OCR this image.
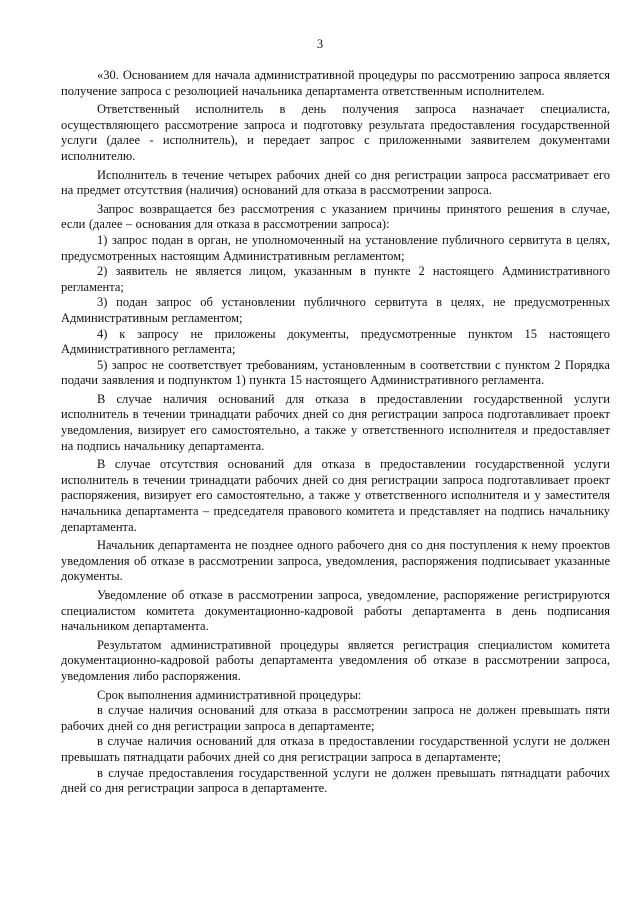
3

«30. Основанием для начала административной процедуры по рассмотрению запроса является получение запроса с резолюцией начальника департамента ответственным исполнителем.

Ответственный исполнитель в день получения запроса назначает специалиста, осуществляющего рассмотрение запроса и подготовку результата предоставления государственной услуги (далее - исполнитель), и передает запрос с приложенными заявителем документами исполнителю.

Исполнитель в течение четырех рабочих дней со дня регистрации запроса рассматривает его на предмет отсутствия (наличия) оснований для отказа в рассмотрении запроса.

Запрос возвращается без рассмотрения с указанием причины принятого решения в случае, если (далее – основания для отказа в рассмотрении запроса):

1) запрос подан в орган, не уполномоченный на установление публичного сервитута в целях, предусмотренных настоящим Административным регламентом;

2) заявитель не является лицом, указанным в пункте 2 настоящего Административного регламента;

3) подан запрос об установлении публичного сервитута в целях, не предусмотренных Административным регламентом;

4) к запросу не приложены документы, предусмотренные пунктом 15 настоящего Административного регламента;

5) запрос не соответствует требованиям, установленным в соответствии с пунктом 2 Порядка подачи заявления и подпунктом 1) пункта 15 настоящего Административного регламента.

В случае наличия оснований для отказа в предоставлении государственной услуги исполнитель в течении тринадцати рабочих дней со дня регистрации запроса подготавливает проект уведомления, визирует его самостоятельно, а также у ответственного исполнителя и предоставляет на подпись начальнику департамента.

В случае отсутствия оснований для отказа в предоставлении государственной услуги исполнитель в течении тринадцати рабочих дней со дня регистрации запроса подготавливает проект распоряжения, визирует его самостоятельно, а также у ответственного исполнителя и у заместителя начальника департамента – председателя правового комитета и представляет на подпись начальнику департамента.

Начальник департамента не позднее одного рабочего дня со дня поступления к нему проектов уведомления об отказе в рассмотрении запроса, уведомления, распоряжения подписывает указанные документы.

Уведомление об отказе в рассмотрении запроса, уведомление, распоряжение регистрируются специалистом комитета документационно-кадровой работы департамента в день подписания начальником департамента.

Результатом административной процедуры является регистрация специалистом комитета документационно-кадровой работы департамента уведомления об отказе в рассмотрении запроса, уведомления либо распоряжения.

Срок выполнения административной процедуры:

в случае наличия оснований для отказа в рассмотрении запроса не должен превышать пяти рабочих дней со дня регистрации запроса в департаменте;

в случае наличия оснований для отказа в предоставлении государственной услуги не должен превышать пятнадцати рабочих дней со дня регистрации запроса в департаменте;

в случае предоставления государственной услуги не должен превышать пятнадцати рабочих дней со дня регистрации запроса в департаменте.
